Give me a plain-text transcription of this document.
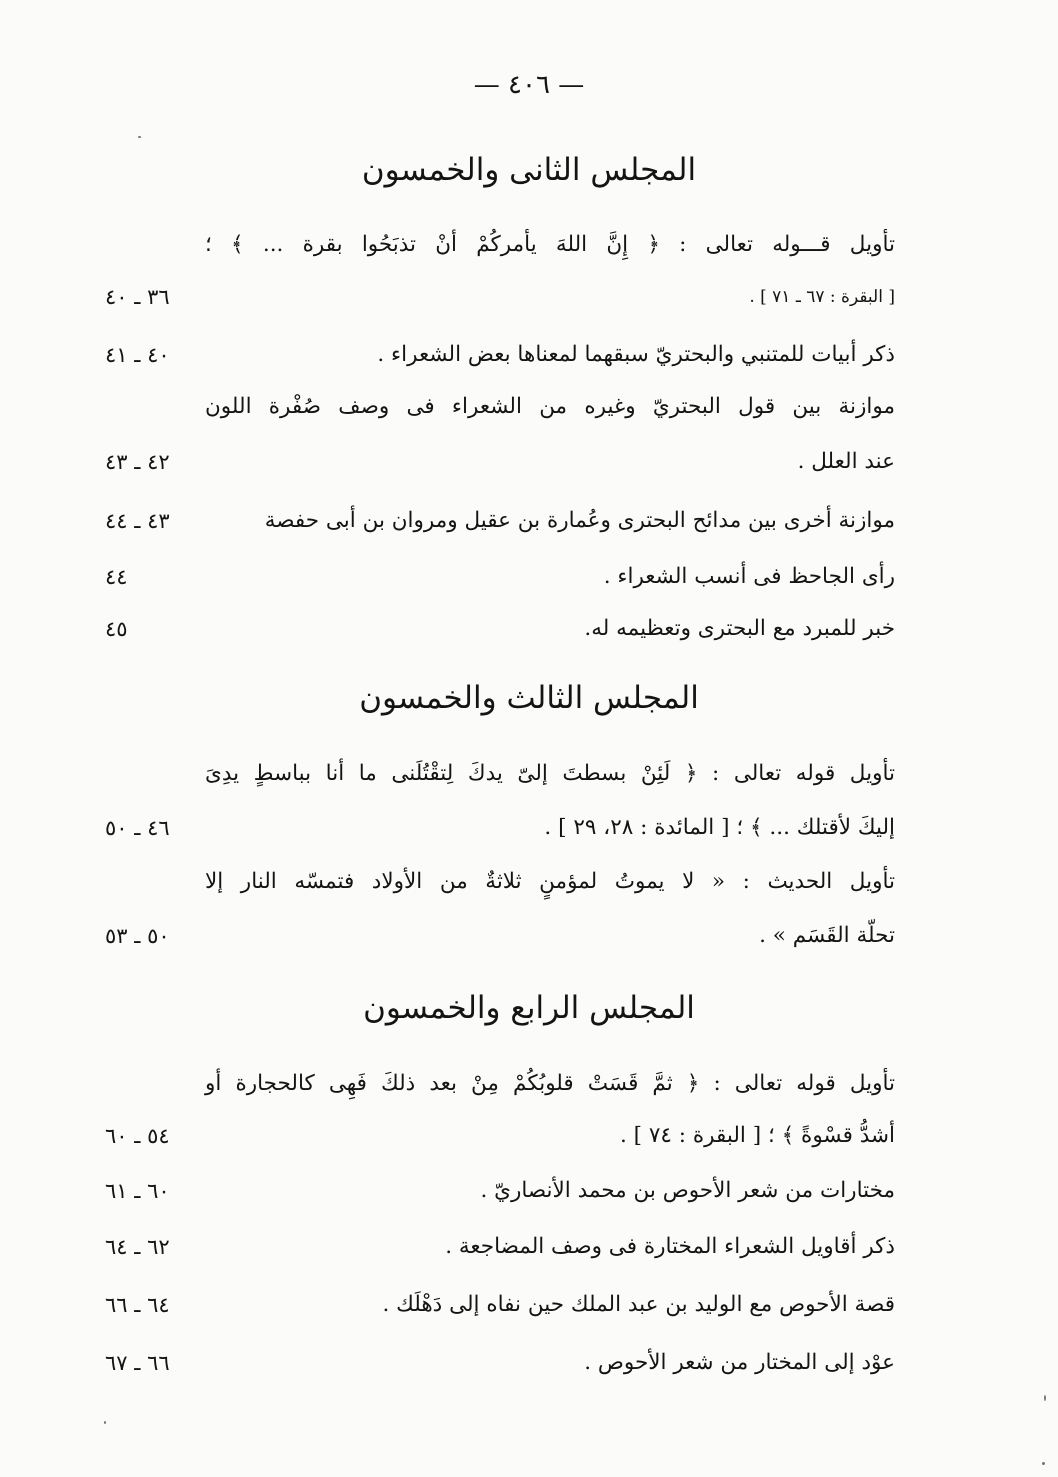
— ٤٠٦ —
المجلس الثانى والخمسون
تأويل قـــوله تعالى : ﴿ إِنَّ اللهَ يأمركُمْ أنْ تذبَحُوا بقرة ... ﴾ ؛
[ البقرة : ٦٧ ـ ٧١ ] .
٣٦ ـ ٤٠
ذكر أبيات للمتنبي والبحتريّ سبقهما لمعناها بعض الشعراء .
٤٠ ـ ٤١
موازنة بين قول البحتريّ وغيره من الشعراء فى وصف صُفْرة اللون
عند العلل .
٤٢ ـ ٤٣
موازنة أخرى بين مدائح البحترى وعُمارة بن عقيل ومروان بن أبى حفصة
٤٣ ـ ٤٤
رأى الجاحظ فى أنسب الشعراء .
٤٤
خبر للمبرد مع البحترى وتعظيمه له.
٤٥
المجلس الثالث والخمسون
تأويل قوله تعالى : ﴿ لَئِنْ بسطتَ إلىّ يدكَ لِتقْتُلَنى ما أنا بباسطٍ يدِىَ
إليكَ لأقتلك ... ﴾ ؛ [ المائدة : ٢٨، ٢٩ ] .
٤٦ ـ ٥٠
تأويل الحديث : « لا يموتُ لمؤمنٍ ثلاثةٌ من الأولاد فتمسّه النار إلا
تحلّة القَسَم » .
٥٠ ـ ٥٣
المجلس الرابع والخمسون
تأويل قوله تعالى : ﴿ ثمَّ قَسَتْ قلوبُكُمْ مِنْ بعد ذلكَ فَهِى كالحجارة أو
أشدُّ قسْوةً ﴾ ؛ [ البقرة : ٧٤ ] .
٥٤ ـ ٦٠
مختارات من شعر الأحوص بن محمد الأنصاريّ .
٦٠ ـ ٦١
ذكر أقاويل الشعراء المختارة فى وصف المضاجعة .
٦٢ ـ ٦٤
قصة الأحوص مع الوليد بن عبد الملك حين نفاه إلى دَهْلَك .
٦٤ ـ ٦٦
عوْد إلى المختار من شعر الأحوص .
٦٦ ـ ٦٧
